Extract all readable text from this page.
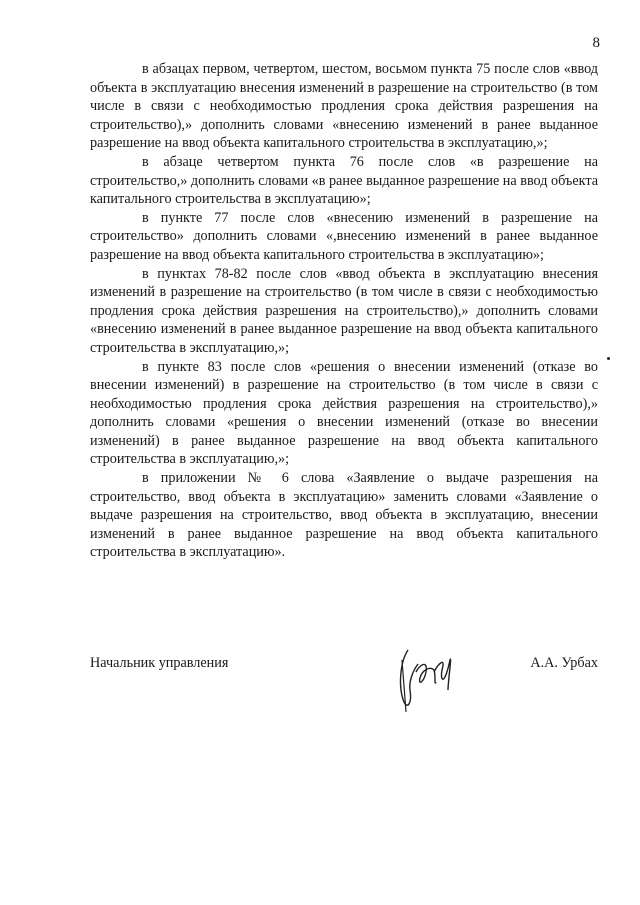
8

в абзацах первом, четвертом, шестом, восьмом пункта 75 после слов «ввод объекта в эксплуатацию внесения изменений в разрешение на строительство (в том числе в связи с необходимостью продления срока действия разрешения на строительство),» дополнить словами «внесению изменений в ранее выданное разрешение на ввод объекта капитального строительства в эксплуатацию,»;

в абзаце четвертом пункта 76 после слов «в разрешение на строительство,» дополнить словами «в ранее выданное разрешение на ввод объекта капитального строительства в эксплуатацию»;

в пункте 77 после слов «внесению изменений в разрешение на строительство» дополнить словами «,внесению изменений в ранее выданное разрешение на ввод объекта капитального строительства в эксплуатацию»;

в пунктах 78-82 после слов «ввод объекта в эксплуатацию внесения изменений в разрешение на строительство (в том числе в связи с необходимостью продления срока действия разрешения на строительство),» дополнить словами «внесению изменений в ранее выданное разрешение на ввод объекта капитального строительства в эксплуатацию,»;

в пункте 83 после слов «решения о внесении изменений (отказе во внесении изменений) в разрешение на строительство (в том числе в связи с необходимостью продления срока действия разрешения на строительство),» дополнить словами «решения о внесении изменений (отказе во внесении изменений) в ранее выданное разрешение на ввод объекта капитального строительства в эксплуатацию,»;

в приложении № 6 слова «Заявление о выдаче разрешения на строительство, ввод объекта в эксплуатацию» заменить словами «Заявление о выдаче разрешения на строительство, ввод объекта в эксплуатацию, внесении изменений в ранее выданное разрешение на ввод объекта капитального строительства в эксплуатацию».

Начальник управления	А.А. Урбах
